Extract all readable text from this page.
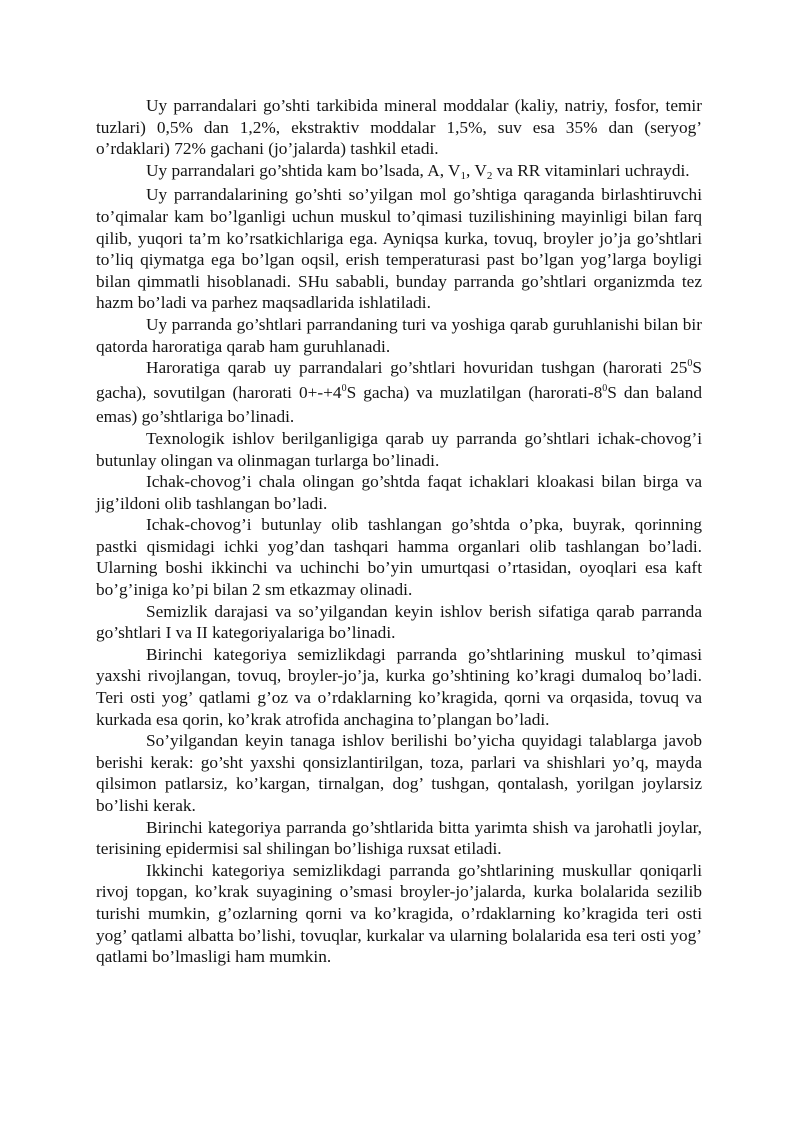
Uy parrandalari go’shti tarkibida mineral moddalar (kaliy, natriy, fosfor, temir tuzlari) 0,5% dan 1,2%, ekstraktiv moddalar 1,5%, suv esa 35% dan (seryog’ o’rdaklari) 72% gachani (jo’jalarda) tashkil etadi.

Uy parrandalari go’shtida kam bo’lsada, A, $V_1$, $V_2$ va RR vitaminlari uchraydi.

Uy parrandalarining go’shti so’yilgan mol go’shtiga qaraganda birlashtiruvchi to’qimalar kam bo’lganligi uchun muskul to’qimasi tuzilishining mayinligi bilan farq qilib, yuqori ta’m ko’rsatkichlariga ega. Ayniqsa kurka, tovuq, broyler jo’ja go’shtlari to’liq qiymatga ega bo’lgan oqsil, erish temperaturasi past bo’lgan yog’larga boyligi bilan qimmatli hisoblanadi. SHu sababli, bunday parranda go’shtlari organizmda tez hazm bo’ladi va parhez maqsadlarida ishlatiladi.

Uy parranda go’shtlari parrandaning turi va yoshiga qarab guruhlanishi bilan bir qatorda haroratiga qarab ham guruhlanadi.

Haroratiga qarab uy parrandalari go’shtlari hovuridan tushgan (harorati $25^0S$ gacha), sovutilgan (harorati $0+-+4^0S$ gacha) va muzlatilgan ($harorati-8^0S$ dan baland emas) go’shtlariga bo’linadi.

Texnologik ishlov berilganligiga qarab uy parranda go’shtlari ichak-chovog’i butunlay olingan va olinmagan turlarga bo’linadi.

Ichak-chovog’i chala olingan go’shtda faqat ichaklari kloakasi bilan birga va jig’ildoni olib tashlangan bo’ladi.

Ichak-chovog’i butunlay olib tashlangan go’shtda o’pka, buyrak, qorinning pastki qismidagi ichki yog’dan tashqari hamma organlari olib tashlangan bo’ladi. Ularning boshi ikkinchi va uchinchi bo’yin umurtqasi o’rtasidan, oyoqlari esa kaft bo’g’iniga ko’pi bilan 2 sm etkazmay olinadi.

Semizlik darajasi va so’yilgandan keyin ishlov berish sifatiga qarab parranda go’shtlari I va II kategoriyalariga bo’linadi.

Birinchi kategoriya semizlikdagi parranda go’shtlarining muskul to’qimasi yaxshi rivojlangan, tovuq, broyler-jo’ja, kurka go’shtining ko’kragi dumaloq bo’ladi. Teri osti yog’ qatlami g’oz va o’rdaklarning ko’kragida, qorni va orqasida, tovuq va kurkada esa qorin, ko’krak atrofida anchagina to’plangan bo’ladi.

So’yilgandan keyin tanaga ishlov berilishi bo’yicha quyidagi talablarga javob berishi kerak: go’sht yaxshi qonsizlantirilgan, toza, parlari va shishlari yo’q, mayda qilsimon patlarsiz, ko’kargan, tirnalgan, dog’ tushgan, qontalash, yorilgan joylarsiz bo’lishi kerak.

Birinchi kategoriya parranda go’shtlarida bitta yarimta shish va jarohatli joylar, terisining epidermisi sal shilingan bo’lishiga ruxsat etiladi.

Ikkinchi kategoriya semizlikdagi parranda go’shtlarining muskullar qoniqarli rivoj topgan, ko’krak suyagining o’smasi broyler-jo’jalarda, kurka bolalarida sezilib turishi mumkin, g’ozlarning qorni va ko’kragida, o’rdaklarning ko’kragida teri osti yog’ qatlami albatta bo’lishi, tovuqlar, kurkalar va ularning bolalarida esa teri osti yog’ qatlami bo’lmasligi ham mumkin.
